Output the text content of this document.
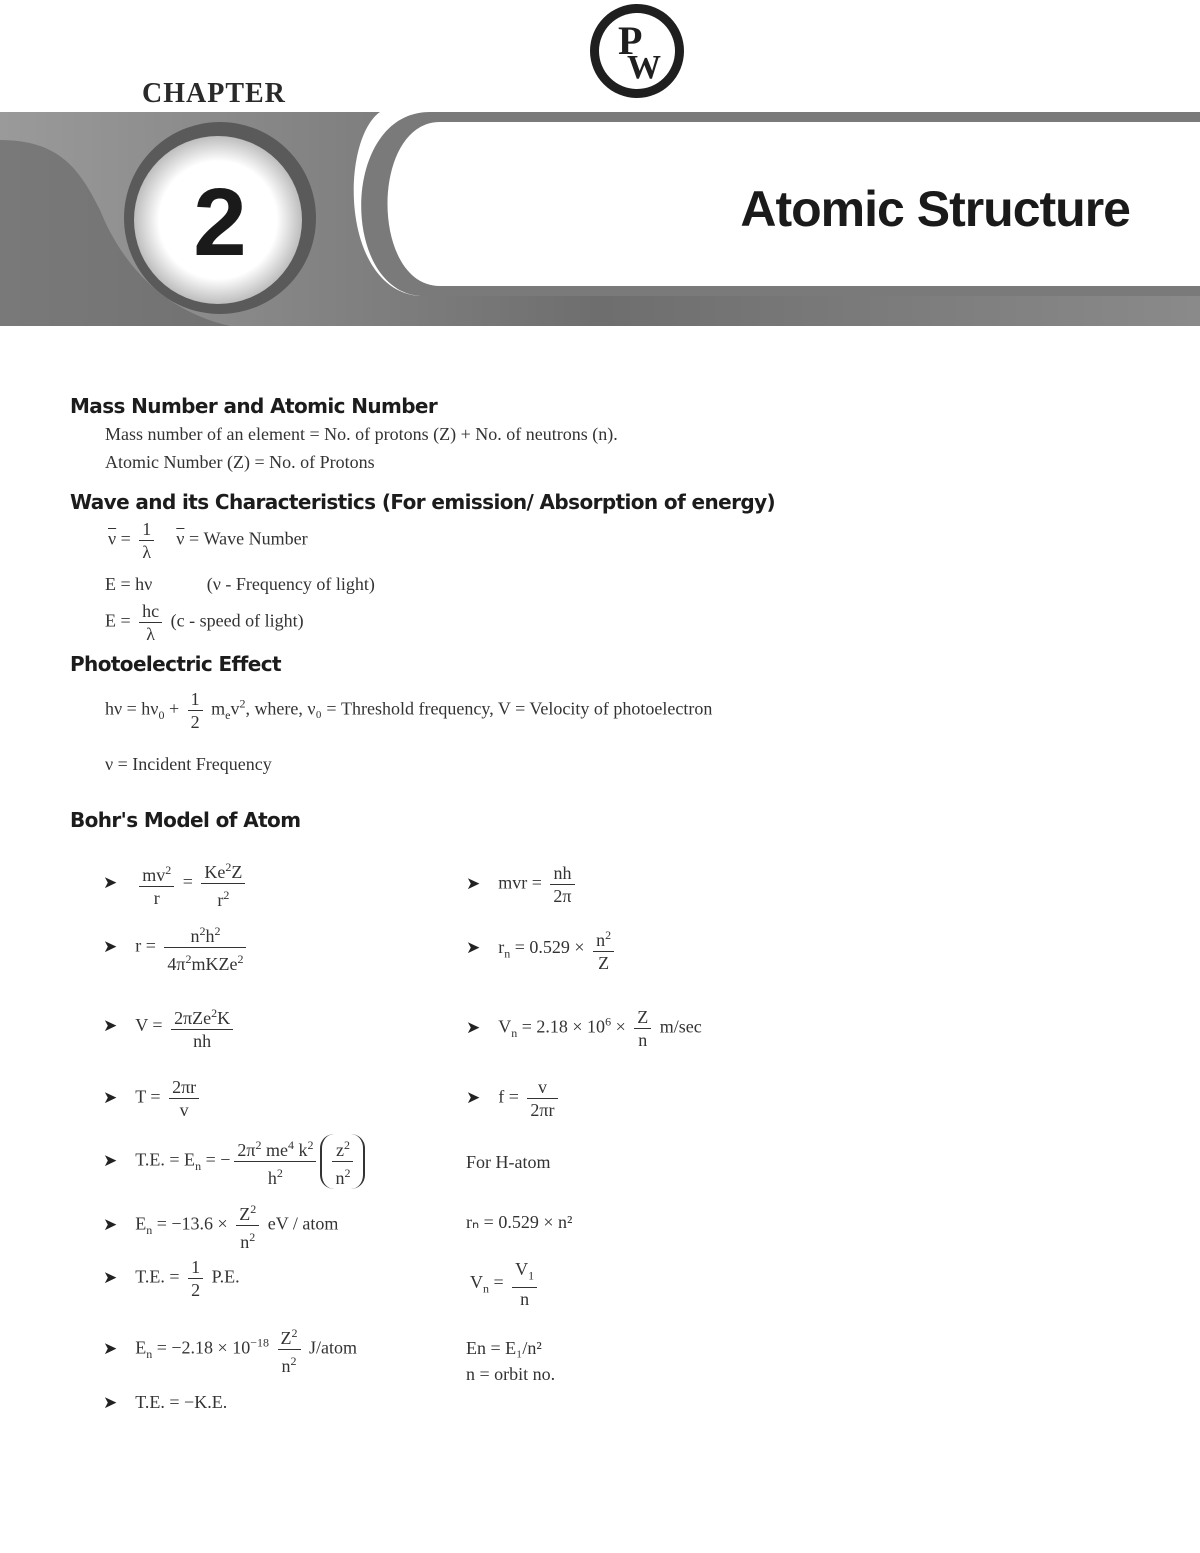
CHAPTER
P
W
2	Atomic Structure
Mass Number and Atomic Number
Mass number of an element = No. of protons (Z) + No. of neutrons (n).
Atomic Number (Z) = No. of Protons
Wave and its Characteristics (For emission/ Absorption of energy)
$\overline{\nu} = \frac{1}{\lambda} \overline{\nu}$ = Wave Number
E = hν	(ν - Frequency of light)
$E = \frac{hc}{\lambda} (c$ - speed of light)
Photoelectric Effect
$h\nu = h\nu_0 + \frac{1}{2} m_ev^2$, where, ν₀ = Threshold frequency, V = Velocity of photoelectron
ν = Incident Frequency
Bohr's Model of Atom
➤ $\frac{mv^2}{r} = \frac{Ke^2Z}{r^2}$
➤ $r = \frac{n^2h^2}{4\pi^2mKZe^2}$
➤ $V = \frac{2\pi Ze^2K}{nh}$
➤ $T = \frac{2\pi r}{v}$
➤ T.E. = $E_n$ = − $\frac{2\pi^2 me^4 k^2}{h^2} \frac{z^2}{n^2}$
➤ $E_n = -13.6 \times \frac{Z^2}{n^2}$ eV / atom
➤ T.E. = $\frac{1}{2} P.E$.
➤ $E_n = -2.18 \times 10^{-18} \frac{Z^2}{n^2}$ J/atom
➤ T.E. = −K.E.
➤ mvr = $\frac{nh}{2\pi}$
➤ $r_n = 0.529 \times \frac{n^2}{Z}$
➤ $V_n = 2.18 \times 10^6 \times \frac{Z}{n} m/\sec$
➤ $f = \frac{v}{2\pi r}$
For H-atom
rₙ = 0.529 × n²
$V_n = \frac{V_1}{n}$
En = E₁/n²
n = orbit no.
